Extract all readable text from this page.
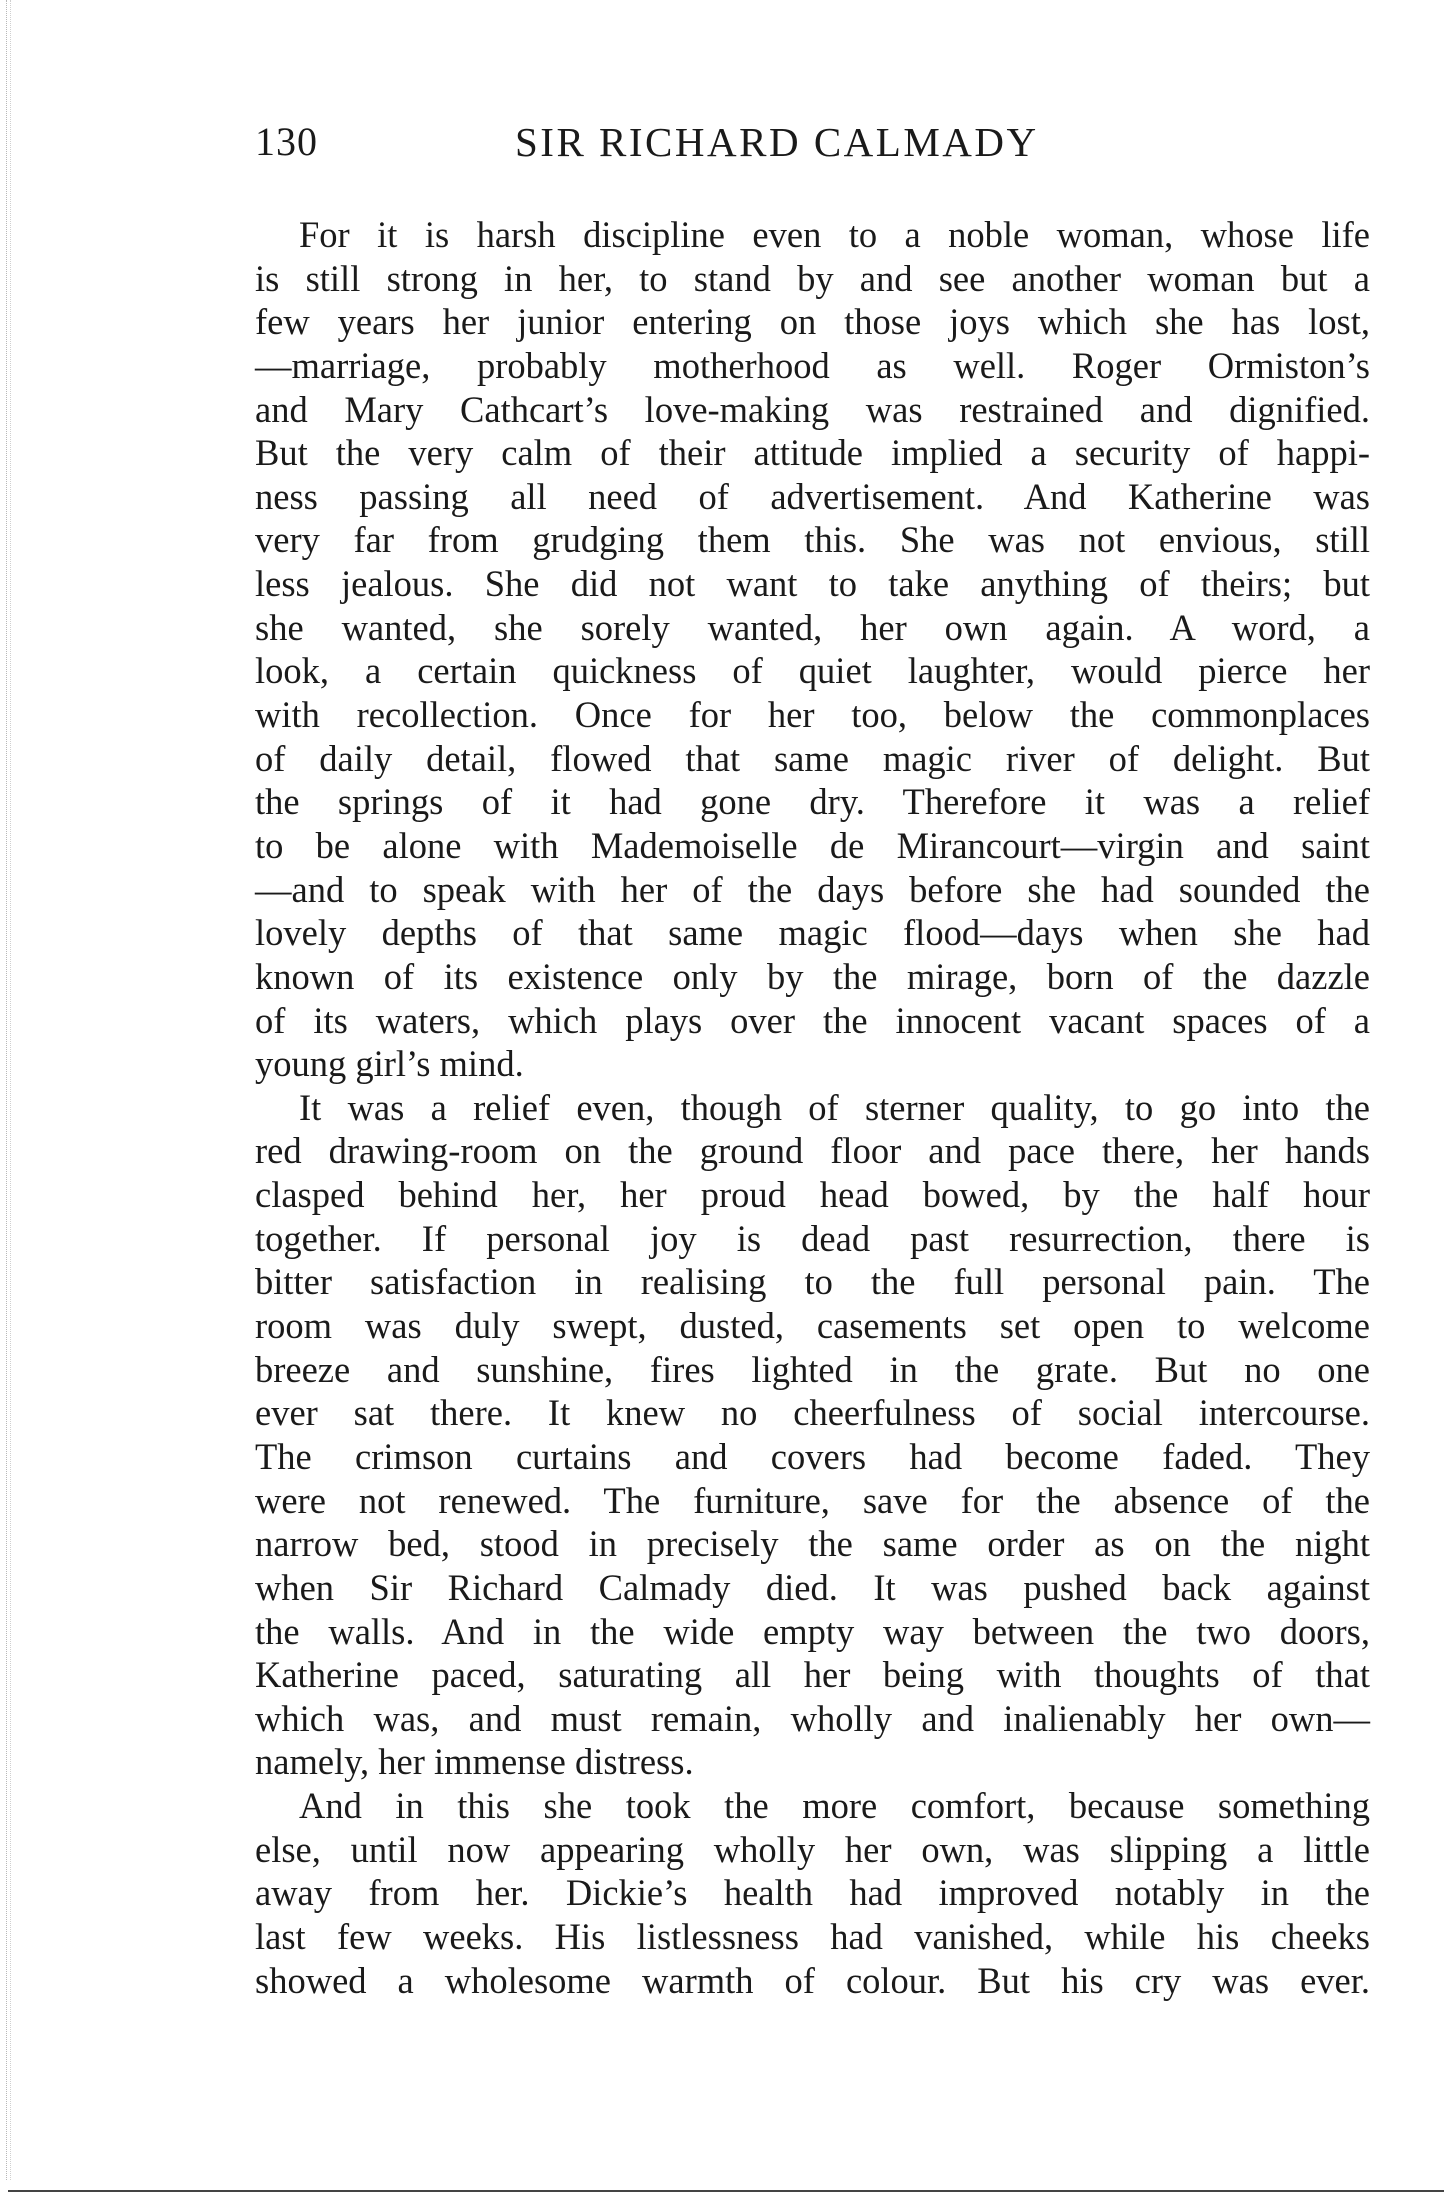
130	SIR RICHARD CALMADY
For it is harsh discipline even to a noble woman, whose life
is still strong in her, to stand by and see another woman but a
few years her junior entering on those joys which she has lost,
—marriage, probably motherhood as well. Roger Ormiston’s
and Mary Cathcart’s love-making was restrained and dignified.
But the very calm of their attitude implied a security of happi-
ness passing all need of advertisement. And Katherine was
very far from grudging them this. She was not envious, still
less jealous. She did not want to take anything of theirs; but
she wanted, she sorely wanted, her own again. A word, a
look, a certain quickness of quiet laughter, would pierce her
with recollection. Once for her too, below the commonplaces
of daily detail, flowed that same magic river of delight. But
the springs of it had gone dry. Therefore it was a relief
to be alone with Mademoiselle de Mirancourt—virgin and saint
—and to speak with her of the days before she had sounded the
lovely depths of that same magic flood—days when she had
known of its existence only by the mirage, born of the dazzle
of its waters, which plays over the innocent vacant spaces of a
young girl’s mind.
It was a relief even, though of sterner quality, to go into the
red drawing-room on the ground floor and pace there, her hands
clasped behind her, her proud head bowed, by the half hour
together. If personal joy is dead past resurrection, there is
bitter satisfaction in realising to the full personal pain. The
room was duly swept, dusted, casements set open to welcome
breeze and sunshine, fires lighted in the grate. But no one
ever sat there. It knew no cheerfulness of social intercourse.
The crimson curtains and covers had become faded. They
were not renewed. The furniture, save for the absence of the
narrow bed, stood in precisely the same order as on the night
when Sir Richard Calmady died. It was pushed back against
the walls. And in the wide empty way between the two doors,
Katherine paced, saturating all her being with thoughts of that
which was, and must remain, wholly and inalienably her own—
namely, her immense distress.
And in this she took the more comfort, because something
else, until now appearing wholly her own, was slipping a little
away from her. Dickie’s health had improved notably in the
last few weeks. His listlessness had vanished, while his cheeks
showed a wholesome warmth of colour. But his cry was ever.
